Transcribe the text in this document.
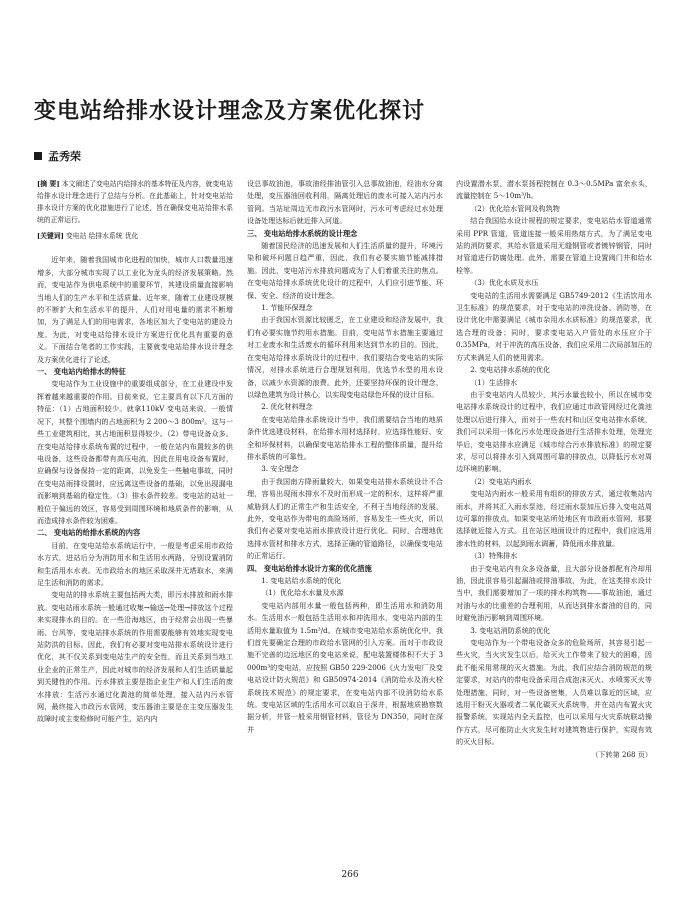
变电站给排水设计理念及方案优化探讨
孟秀荣

[摘 要] 本文阐述了变电站内给排水的基本特征及内容，就变电站给排水设计理念进行了总结与分析。在此基础上，针对变电站给排水设计方案的优化措施进行了论述，旨在确保变电站给排水系统的正常运行。

[关键词] 变电站 给排水系统 优化

近年来，随着我国城市化进程的加快，城市人口数量迅速增多，大部分城市实现了以工业化为龙头的经济发展策略。然而，变电站作为供电系统中的重要环节，其建设质量直接影响当地人们的生产水平和生活质量。近年来，随着工业建设规模的不断扩大和生活水平的提升，人们对用电量的需求不断增加，为了满足人们的用电需求，各地区加大了变电站的建设力度。为此，对变电站给排水设计方案进行优化具有重要的意义。下面结合笔者的工作实践，主要就变电站给排水设计理念及方案优化进行了论述。

一、 变电站内给排水的特征

变电站作为工业设施中的重要组成部分，在工业建设中发挥着越来越重要的作用。目前来说，它主要具有以下几方面的特征：（1）占地面积较少。就拿110kV 变电站来说，一般情况下，其整个围墙内的占地面积为 2 200～3 800m²。这与一些工业建筑相比，其占地面积显得较少。（2）带电设备众多。在变电站给排水系统布置的过程中，一般在站内布置较多的供电设备，这些设备都带有高压电流，因此在用电设备布置时，应确保与设备保持一定的距离，以免发生一些触电事故，同时在变电站雨排设置时，应远离这些设备的基础，以免出现漏电而影响到基础的稳定性。（3）排水条件较差。变电站的站址一般位于偏远的效区，容易受到周围环境和地质条件的影响，从而造成排水条件较为困难。

二、 变电站的给排水系统的内容

目前，在变电站给水系统运行中，一般是考虑采用市政给水方式，进站后分为消防用水和生活用水两路，分别设置消防和生活用水水表。无市政给水的地区采取深井无塔取水，来满足生活和消防的需求。

变电站的排水系统主要包括两大类，即污水排放和雨水排放。变电站雨水系统一般通过收集→输送→处理→排放这个过程来实现排水的目的。在一些沿海地区，由于经常会出现一些暴雨、台风等，变电站排水系统的作用需要能够有效地实现变电站防洪的目标。因此，我们有必要对变电站排水系统设计进行优化，其不仅关系到变电站生产的安全性，而且关系到当地工业企业的正常生产，因此对城市的经济发展和人们生活质量起到关键性的作用。污水排放主要是指企业生产和人们生活的废水排放：生活污水通过化粪池的简单处理，接入站内污水管网，最终接入市政污水管网，变压器油主要是在主变压器发生故障时或主变检修时可能产生，站内内

设总事故油池，事故油经排油管引入总事故油池，经油水分离处理，变压器油回收利用，隔离处理后的废水可接入站内污水管网。当站址周边无市政污水管网时，污水可考虑经过水处理设备处理达标后就近排入河道。

三、 变电站给排水系统的设计理念

随着国民经济的迅速发展和人们生活质量的提升，环境污染和破坏问题日趋严重，因此，我们有必要实施节能减排措施。因此，变电站污水排放问题成为了人们着重关注的焦点。在变电站给排水系统优化设计的过程中，人们应引进节能、环保、安全、经济的设计理念。

1. 节能环保理念

由于我国水资源比较匮乏，在工业建设和经济发展中，我们有必要实施节约用水措施。目前，变电站节水措施主要通过对工业废水和生活废水的循环利用来达到节水的目的。因此，在变电站给排水系统设计的过程中，我们要结合变电站的实际情况，对排水系统进行合理规划利用，优选节水型的用水设备，以减少水资源的浪费。此外，还要坚持环保的设计理念，以绿色建筑为设计核心，以实现变电站绿色环保的设计目标。

2. 优化材料理念

在变电站给排水系统设计当中，我们需要结合当地的地质条件优选建设材料，在给排水用材选择时，应选择性能好、安全和环保材料，以确保变电站给排水工程的整体质量，提升给排水系统的可靠性。

3. 安全理念

由于我国南方降雨量较大，如果变电站排水系统设计不合理，容易出现雨水排水不及时而形成一定的积水，这样将严重威胁到人们的正常生产和生活安全，不利于当地经济的发展，此外，变电站作为带电的高险场所，容易发生一些火灾，所以我们有必要对变电站雨水排放设计进行优化。同时，合理地优选排水管材和排水方式，选择正确的管道路径，以确保变电站的正常运行。

四、 变电站给排水设计方案的优化措施

1. 变电站给水系统的优化

（1）优化给水水量及水源

变电站内部用水量一般包括两种，即生活用水和消防用水。生活用水一般包括生活用水和冲洗用水，变电站内部的生活用水量取值为 1.5m³/d。在城市变电站给水系统优化中，我们首先要确定合理的市政给水管网的引入方案。而对于市政设施不完善的边远地区的变电站来说，配电装置楼体积不大于 3 000m³的变电站，应按照 GB50 229-2006《火力发电厂及变电站设计防火规范》和 GB50974-2014《消防给水及消火栓系统技术规范》的规定要求，在变电站内部不设消防给水系统。变电站区域的生活用水可以取自于深井，根据地质勘察数据分析，井管一般采用钢管材料，管径为 DN350，同时在深井

内设置潜水泵，潜水泵扬程控制在 0.3～0.5MPa 富余水头，流量控制在 5～10m³/h。

（2）优化给水管网及构筑物

结合我国给水设计规程的规定要求，变电站给水管道通常采用 PPR 管道，管道连接一般采用热熔方式，为了满足变电站的消防要求，其给水管道采用无缝钢管或者镀锌钢管，同时对管道进行防腐处理。此外，需要在管道上设置阀门井和给水栓等。

（3）优化水质及水压

变电站的生活用水需要满足 GB5749-2012《生活饮用水卫生标准》的规范要求，对于变电站的冲洗设备、消防等，在设计优化中需要满足《城市杂用水水质标准》的规范要求，优选合理的设备；同时，要求变电站入户管处的水压应介于 0.35MPa，对于冲洗的高压设备，我们应采用二次局部加压的方式来满足人们的使用需求。

2. 变电站排水系统的优化

（1）生活排水

由于变电站内人员较少，其污水量也较小，所以在城市变电站排水系统设计的过程中，我们应通过市政管网经过化粪池处理以后进行排入，而对于一些农村和山区变电站排水系统，我们可以采用一体化污水处理设备进行生活排水处理，处理完毕后，变电站排水应满足《城市综合污水排放标准》的规定要求，尽可以将排水引入到周围可靠的排放点，以降低污水对周边环境的影响。

（2）变电站内雨水

变电站内雨水一般采用有组织的排放方式，通过收集站内雨水，并将其汇入雨水泵池，经过雨水泵加压后排入变电站周边可靠的排放点。如果变电站所处地区有市政雨水管网，那要选择就近接入方式。且在站区地面设计的过程中，我们应选用渗水性的材料，以起到雨水调蓄，降低雨水排放量。

（3）特殊排水

由于变电站内有众多设备量，且大部分设备都配有冷却用油，因此很容易引起漏油或排油事故，为此，在这类排水设计当中，我们需要增加了一项的排水构筑物——事故油池，通过对油与水的比重差的合理利用，从而达到排水畜油的目的，同时避免油污影响到周围环境。

3. 变电站消防系统的优化

变电站作为一个带电设备众多的危险场所，其容易引起一些火灾，当火灾发生以后，给灭火工作带来了较大的困难，因此不能采用常规的灭火措施。为此，我们应结合消防规范的规定要求，对站内的带电设备采用合成泡沫灭火、水喷雾灭火等处理措施，同时，对一些设备密集，人员难以靠近的区域，应选用干粉灭火器或者二氧化碳灭火系统等，并在站内布置火灾报警系统，实现站内全天监控，也可以采用与火灾系统联动操作方式，尽可能防止火灾发生时对建筑物进行保护，实现有效的灭火目标。

（下转第 268 页）

266
